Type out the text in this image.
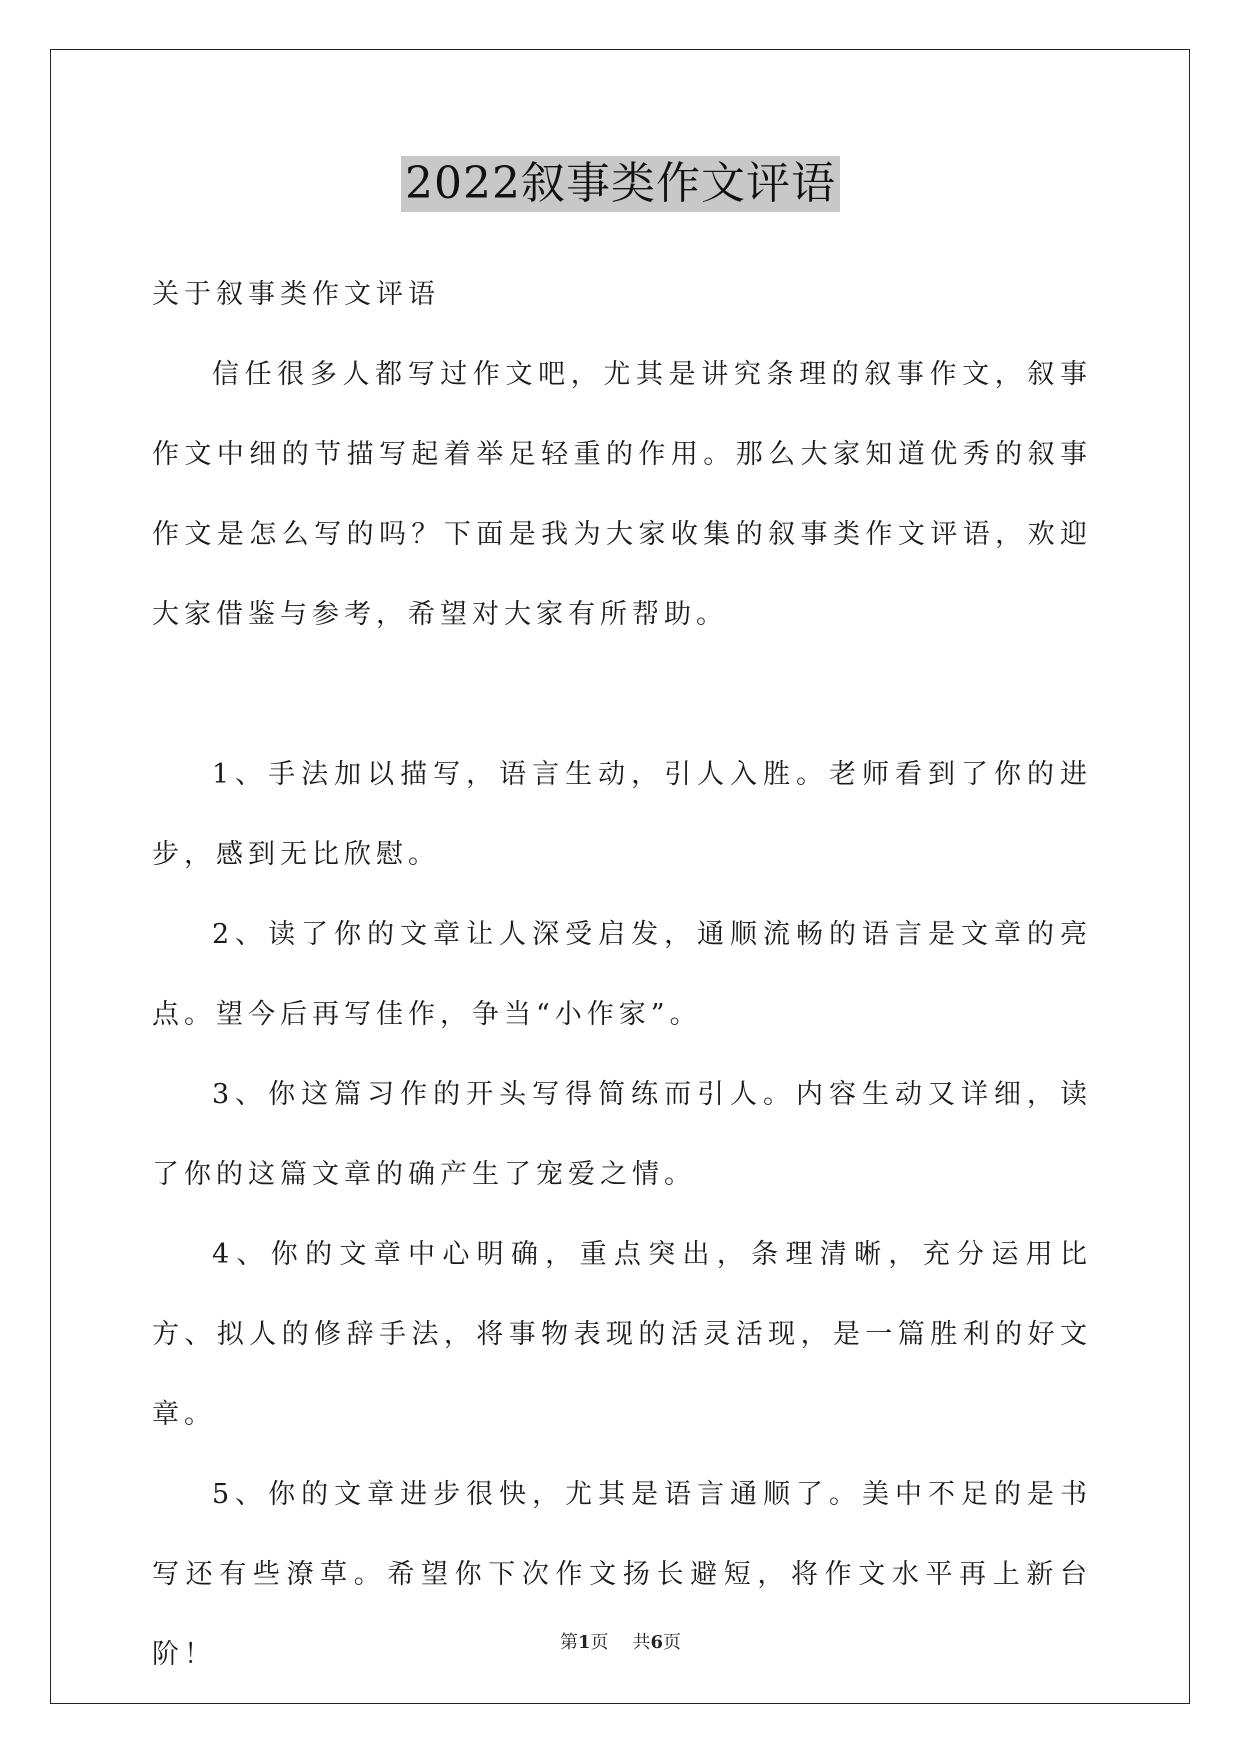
2022叙事类作文评语

关于叙事类作文评语

信任很多人都写过作文吧，尤其是讲究条理的叙事作文，叙事作文中细的节描写起着举足轻重的作用。那么大家知道优秀的叙事作文是怎么写的吗？下面是我为大家收集的叙事类作文评语，欢迎大家借鉴与参考，希望对大家有所帮助。

1、手法加以描写，语言生动，引人入胜。老师看到了你的进步，感到无比欣慰。

2、读了你的文章让人深受启发，通顺流畅的语言是文章的亮点。望今后再写佳作，争当“小作家”。

3、你这篇习作的开头写得简练而引人。内容生动又详细，读了你的这篇文章的确产生了宠爱之情。

4、你的文章中心明确，重点突出，条理清晰，充分运用比方、拟人的修辞手法，将事物表现的活灵活现，是一篇胜利的好文章。

5、你的文章进步很快，尤其是语言通顺了。美中不足的是书写还有些潦草。希望你下次作文扬长避短，将作文水平再上新台阶！	第1页 共6页
